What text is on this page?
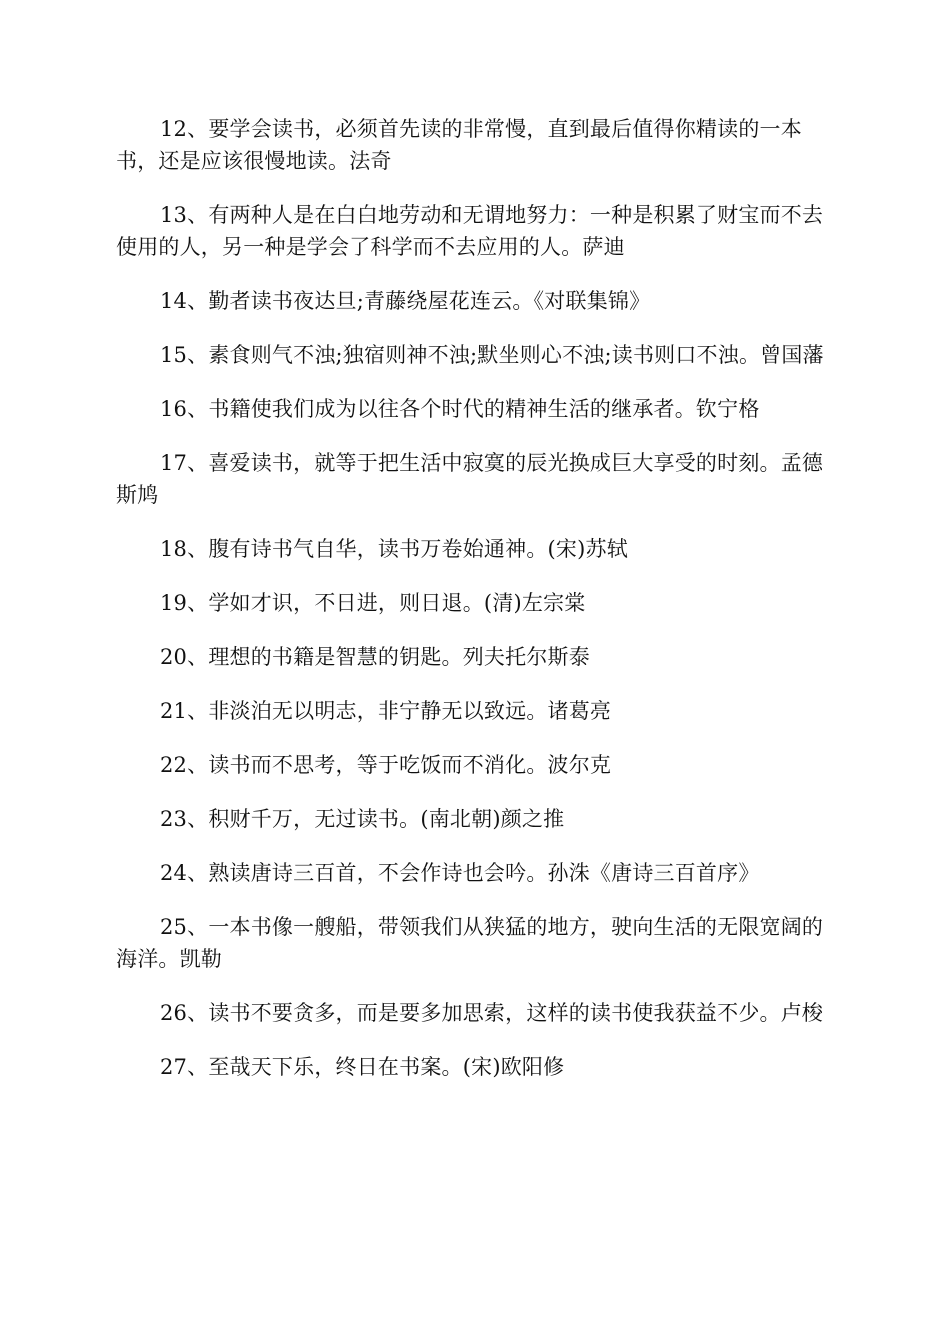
12、要学会读书，必须首先读的非常慢，直到最后值得你精读的一本书，还是应该很慢地读。法奇

13、有两种人是在白白地劳动和无谓地努力：一种是积累了财宝而不去使用的人，另一种是学会了科学而不去应用的人。萨迪

14、勤者读书夜达旦;青藤绕屋花连云。《对联集锦》

15、素食则气不浊;独宿则神不浊;默坐则心不浊;读书则口不浊。曾国藩

16、书籍使我们成为以往各个时代的精神生活的继承者。钦宁格

17、喜爱读书，就等于把生活中寂寞的辰光换成巨大享受的时刻。孟德斯鸠

18、腹有诗书气自华，读书万卷始通神。(宋)苏轼

19、学如才识，不日进，则日退。(清)左宗棠

20、理想的书籍是智慧的钥匙。列夫托尔斯泰

21、非淡泊无以明志，非宁静无以致远。诸葛亮

22、读书而不思考，等于吃饭而不消化。波尔克

23、积财千万，无过读书。(南北朝)颜之推

24、熟读唐诗三百首，不会作诗也会吟。孙洙《唐诗三百首序》

25、一本书像一艘船，带领我们从狭猛的地方，驶向生活的无限宽阔的海洋。凯勒

26、读书不要贪多，而是要多加思索，这样的读书使我获益不少。卢梭

27、至哉天下乐，终日在书案。(宋)欧阳修
